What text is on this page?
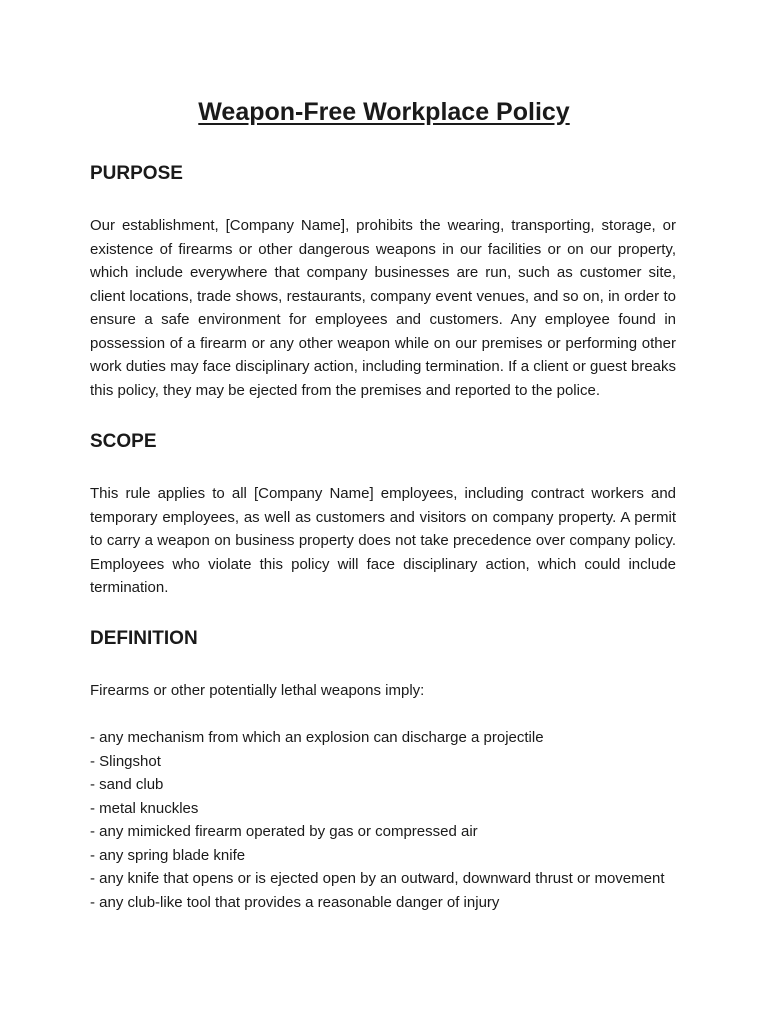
Weapon-Free Workplace Policy
PURPOSE

Our establishment, [Company Name], prohibits the wearing, transporting, storage, or existence of firearms or other dangerous weapons in our facilities or on our property, which include everywhere that company businesses are run, such as customer site, client locations, trade shows, restaurants, company event venues, and so on, in order to ensure a safe environment for employees and customers. Any employee found in possession of a firearm or any other weapon while on our premises or performing other work duties may face disciplinary action, including termination. If a client or guest breaks this policy, they may be ejected from the premises and reported to the police.

SCOPE

This rule applies to all [Company Name] employees, including contract workers and temporary employees, as well as customers and visitors on company property. A permit to carry a weapon on business property does not take precedence over company policy. Employees who violate this policy will face disciplinary action, which could include termination.

DEFINITION

Firearms or other potentially lethal weapons imply:

- any mechanism from which an explosion can discharge a projectile
- Slingshot
- sand club
- metal knuckles
- any mimicked firearm operated by gas or compressed air
- any spring blade knife
- any knife that opens or is ejected open by an outward, downward thrust or movement
- any club-like tool that provides a reasonable danger of injury
